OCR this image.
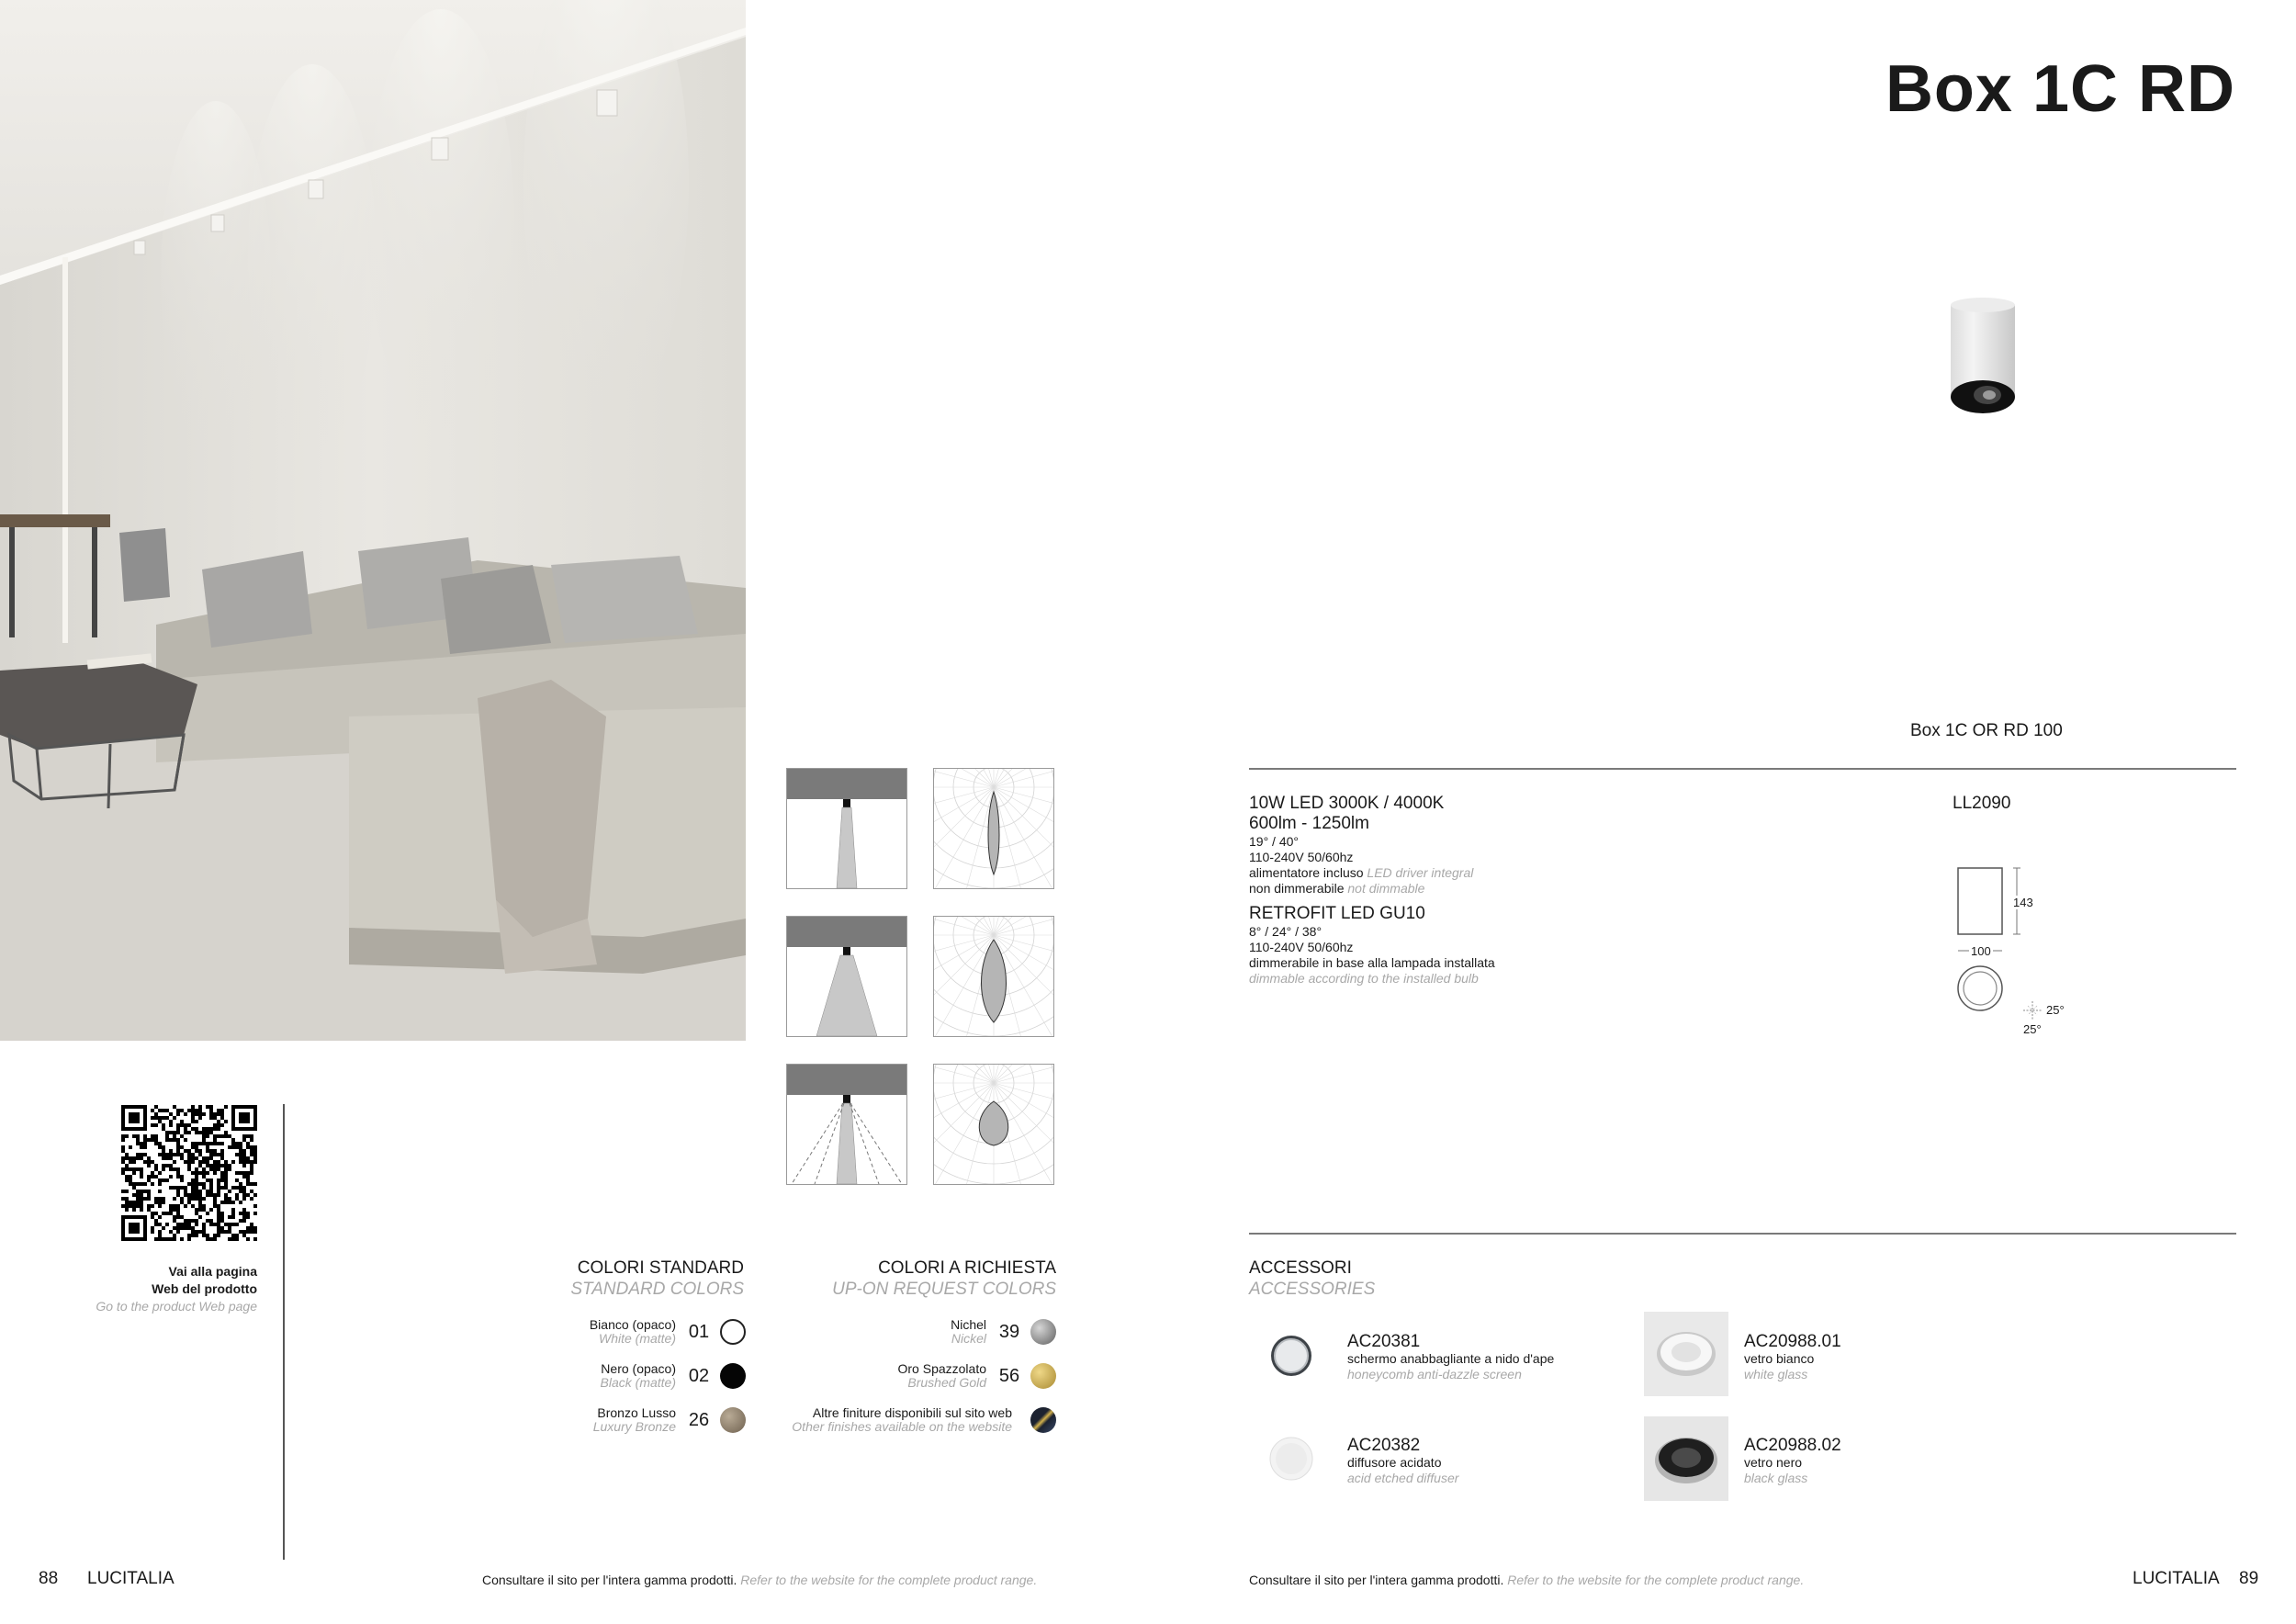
Vai alla pagina
Web del prodotto
Go to the product Web page
COLORI STANDARD
STANDARD COLORS
Bianco (opaco)
White (matte) 01
Nero (opaco)
Black (matte) 02
Bronzo Lusso
Luxury Bronze 26
COLORI A RICHIESTA
UP-ON REQUEST COLORS
Nichel
Nickel 39
Oro Spazzolato
Brushed Gold 56
Altre finiture disponibili sul sito web
Other finishes available on the website
88 LUCITALIA	Consultare il sito per l'intera gamma prodotti. Refer to the website for the complete product range.
Box 1C RD
Box 1C OR RD 100
10W LED 3000K / 4000K
600lm - 1250lm
19° / 40°
110-240V 50/60hz
alimentatore incluso LED driver integral
non dimmerabile not dimmable
RETROFIT LED GU10
8° / 24° / 38°
110-240V 50/60hz
dimmerabile in base alla lampada installata
dimmable according to the installed bulb
LL2090
143
100
25°
25°
ACCESSORI
ACCESSORIES
AC20381
schermo anabbagliante a nido d'ape
honeycomb anti-dazzle screen
AC20988.01
vetro bianco
white glass
AC20382
diffusore acidato
acid etched diffuser
AC20988.02
vetro nero
black glass
Consultare il sito per l'intera gamma prodotti. Refer to the website for the complete product range.	LUCITALIA 89
